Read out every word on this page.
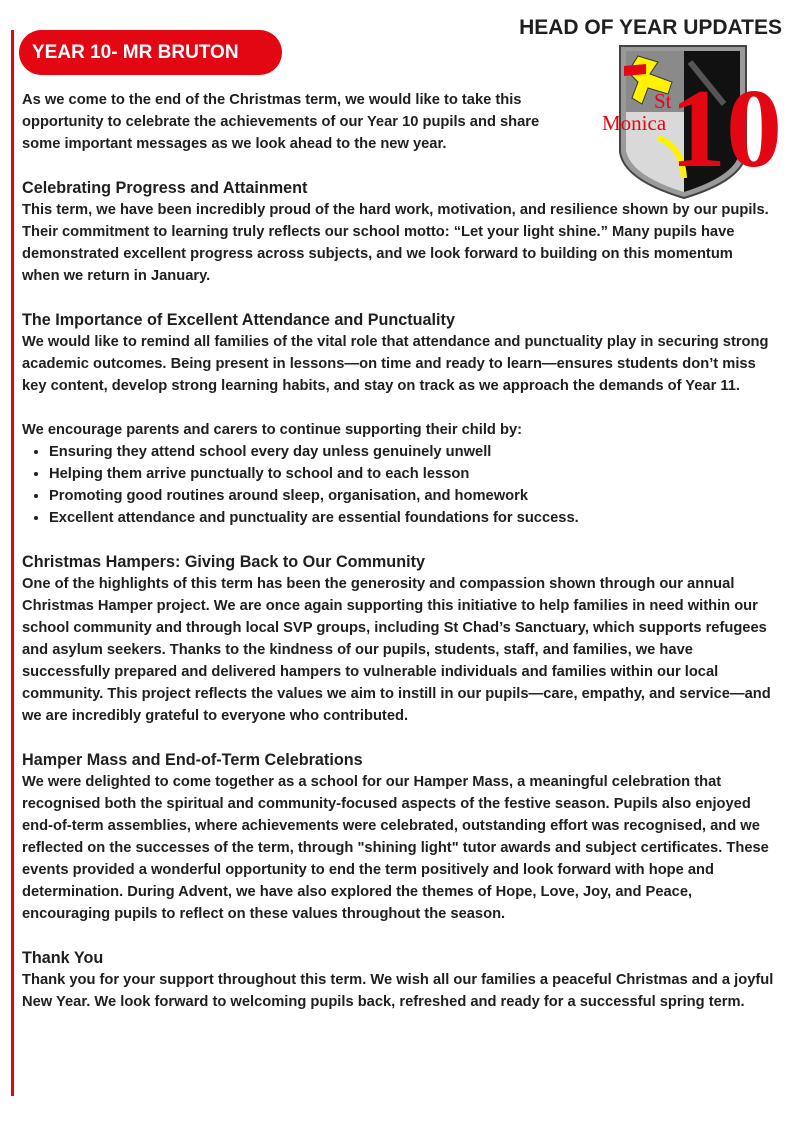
HEAD OF YEAR UPDATES
YEAR 10- MR BRUTON
St
Monica 10

As we come to the end of the Christmas term, we would like to take this opportunity to celebrate the achievements of our Year 10 pupils and share some important messages as we look ahead to the new year.

Celebrating Progress and Attainment

This term, we have been incredibly proud of the hard work, motivation, and resilience shown by our pupils. Their commitment to learning truly reflects our school motto: “Let your light shine.” Many pupils have demonstrated excellent progress across subjects, and we look forward to building on this momentum when we return in January.

The Importance of Excellent Attendance and Punctuality

We would like to remind all families of the vital role that attendance and punctuality play in securing strong academic outcomes. Being present in lessons—on time and ready to learn—ensures students don’t miss key content, develop strong learning habits, and stay on track as we approach the demands of Year 11.

We encourage parents and carers to continue supporting their child by:

• Ensuring they attend school every day unless genuinely unwell
• Helping them arrive punctually to school and to each lesson
• Promoting good routines around sleep, organisation, and homework
• Excellent attendance and punctuality are essential foundations for success.
Christmas Hampers: Giving Back to Our Community

One of the highlights of this term has been the generosity and compassion shown through our annual Christmas Hamper project. We are once again supporting this initiative to help families in need within our school community and through local SVP groups, including St Chad’s Sanctuary, which supports refugees and asylum seekers. Thanks to the kindness of our pupils, students, staff, and families, we have successfully prepared and delivered hampers to vulnerable individuals and families within our local community. This project reflects the values we aim to instill in our pupils—care, empathy, and service—and we are incredibly grateful to everyone who contributed.

Hamper Mass and End-of-Term Celebrations

We were delighted to come together as a school for our Hamper Mass, a meaningful celebration that recognised both the spiritual and community-focused aspects of the festive season. Pupils also enjoyed end-of-term assemblies, where achievements were celebrated, outstanding effort was recognised, and we reflected on the successes of the term, through "shining light" tutor awards and subject certificates. These events provided a wonderful opportunity to end the term positively and look forward with hope and determination. During Advent, we have also explored the themes of Hope, Love, Joy, and Peace, encouraging pupils to reflect on these values throughout the season.

Thank You

Thank you for your support throughout this term. We wish all our families a peaceful Christmas and a joyful New Year. We look forward to welcoming pupils back, refreshed and ready for a successful spring term.
